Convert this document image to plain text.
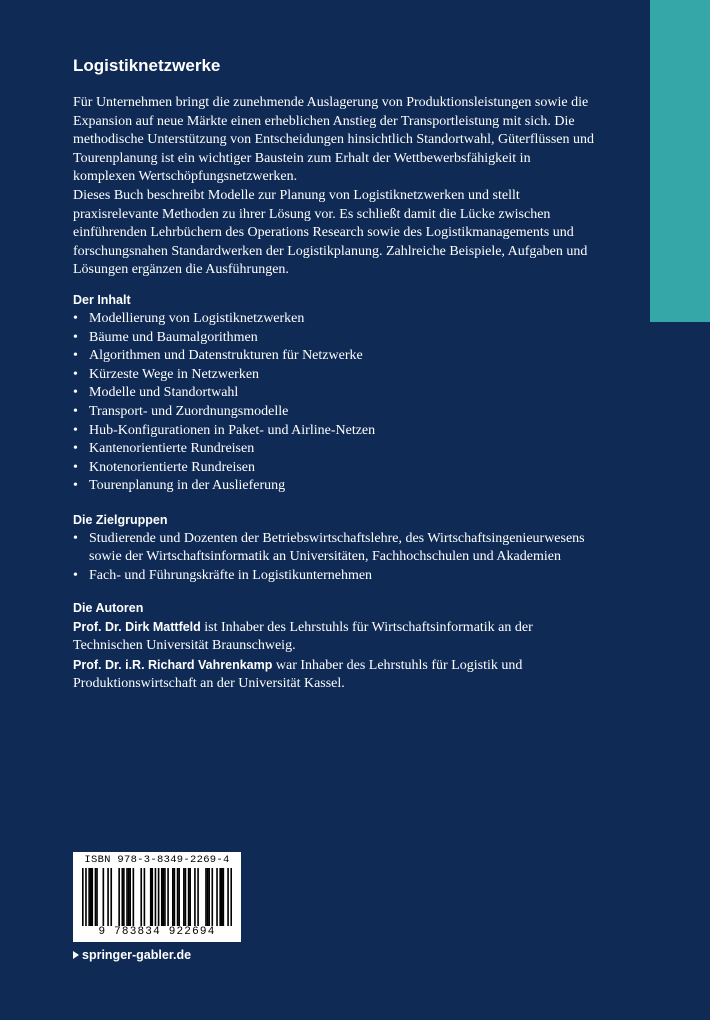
Logistiknetzwerke

Für Unternehmen bringt die zunehmende Auslagerung von Produktionsleistungen sowie die Expansion auf neue Märkte einen erheblichen Anstieg der Transportleistung mit sich. Die methodische Unterstützung von Entscheidungen hinsichtlich Standortwahl, Güterflüssen und Tourenplanung ist ein wichtiger Baustein zum Erhalt der Wettbewerbsfähigkeit in komplexen Wertschöpfungsnetzwerken.

Dieses Buch beschreibt Modelle zur Planung von Logistiknetzwerken und stellt praxisrelevante Methoden zu ihrer Lösung vor. Es schließt damit die Lücke zwischen einführenden Lehrbüchern des Operations Research sowie des Logistikmanagements und forschungsnahen Standardwerken der Logistikplanung. Zahlreiche Beispiele, Aufgaben und Lösungen ergänzen die Ausführungen.

Der Inhalt
• Modellierung von Logistiknetzwerken
• Bäume und Baumalgorithmen
• Algorithmen und Datenstrukturen für Netzwerke
• Kürzeste Wege in Netzwerken
• Modelle und Standortwahl
• Transport- und Zuordnungsmodelle
• Hub-Konfigurationen in Paket- und Airline-Netzen
• Kantenorientierte Rundreisen
• Knotenorientierte Rundreisen
• Tourenplanung in der Auslieferung
Die Zielgruppen
• Studierende und Dozenten der Betriebswirtschaftslehre, des Wirtschaftsingenieurwesens sowie der Wirtschaftsinformatik an Universitäten, Fachhochschulen und Akademien
• Fach- und Führungskräfte in Logistikunternehmen
Die Autoren

Prof. Dr. Dirk Mattfeld ist Inhaber des Lehrstuhls für Wirtschaftsinformatik an der Technischen Universität Braunschweig.

Prof. Dr. i.R. Richard Vahrenkamp war Inhaber des Lehrstuhls für Logistik und Produktionswirtschaft an der Universität Kassel.

ISBN 978-3-8349-2269-4
9 783834 922694
springer-gabler.de
